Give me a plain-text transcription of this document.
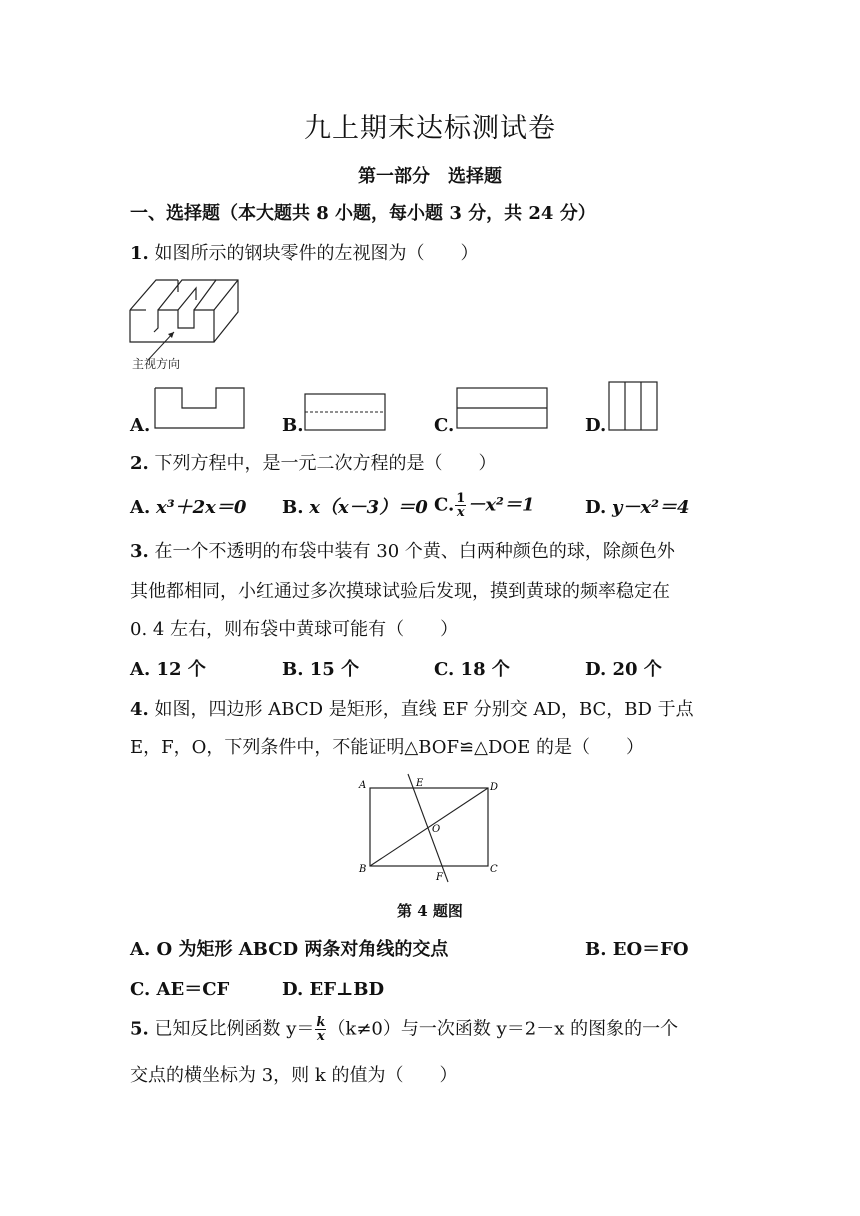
九上期末达标测试卷
第一部分　选择题
一、选择题（本大题共 8 小题，每小题 3 分，共 24 分）
1. 如图所示的钢块零件的左视图为（　　）
主视方向
A.	B.	C.	D.
2. 下列方程中，是一元二次方程的是（　　）
A. x³＋2x＝0 B. x（x－3）＝0 C. $\frac{1}{x} -x^2=1$	D. y－x²＝4
3. 在一个不透明的布袋中装有 30 个黄、白两种颜色的球，除颜色外
其他都相同，小红通过多次摸球试验后发现，摸到黄球的频率稳定在
0. 4 左右，则布袋中黄球可能有（　　）
A. 12 个	B. 15 个	C. 18 个	D. 20 个
4. 如图，四边形 ABCD 是矩形，直线 EF 分别交 AD，BC，BD 于点
E，F，O，下列条件中，不能证明△BOF≌△DOE 的是（　　）
A	E	D
O
B
F
C
第 4 题图
A. O 为矩形 ABCD 两条对角线的交点	B. EO＝FO
C. AE＝CF	D. EF⊥BD
5. 已知反比例函数 $y= \frac{k}{x} (k\ne 0)$与一次函数 y＝2－x 的图象的一个
交点的横坐标为 3，则 k 的值为（　　）
